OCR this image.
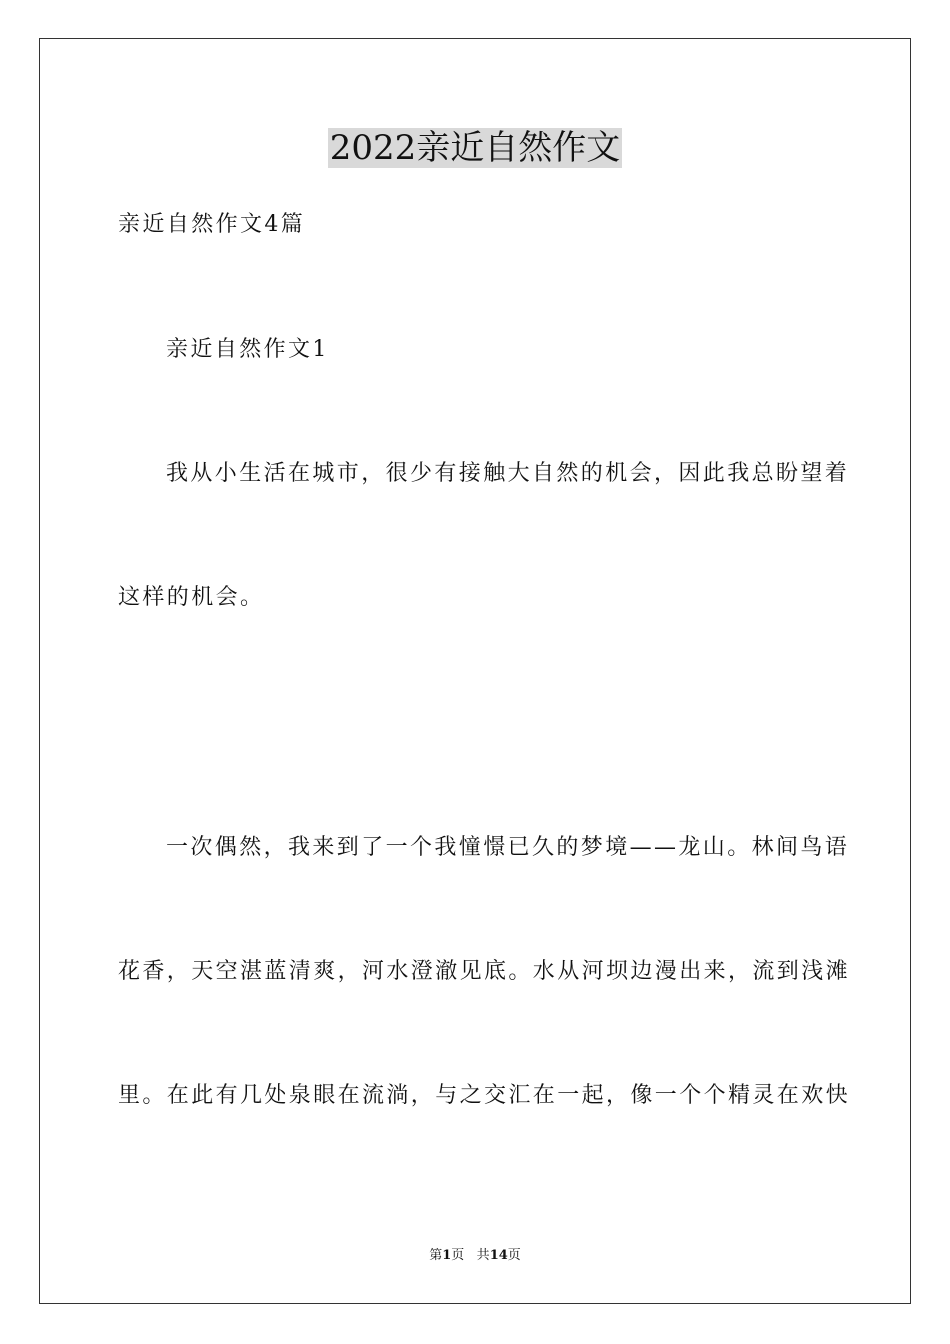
2022亲近自然作文

亲近自然作文4篇

亲近自然作文1

我从小生活在城市，很少有接触大自然的机会，因此我总盼望着

这样的机会。

一次偶然，我来到了一个我憧憬已久的梦境——龙山。林间鸟语

花香，天空湛蓝清爽，河水澄澈见底。水从河坝边漫出来，流到浅滩

里。在此有几处泉眼在流淌，与之交汇在一起，像一个个精灵在欢快

第1页 共14页
